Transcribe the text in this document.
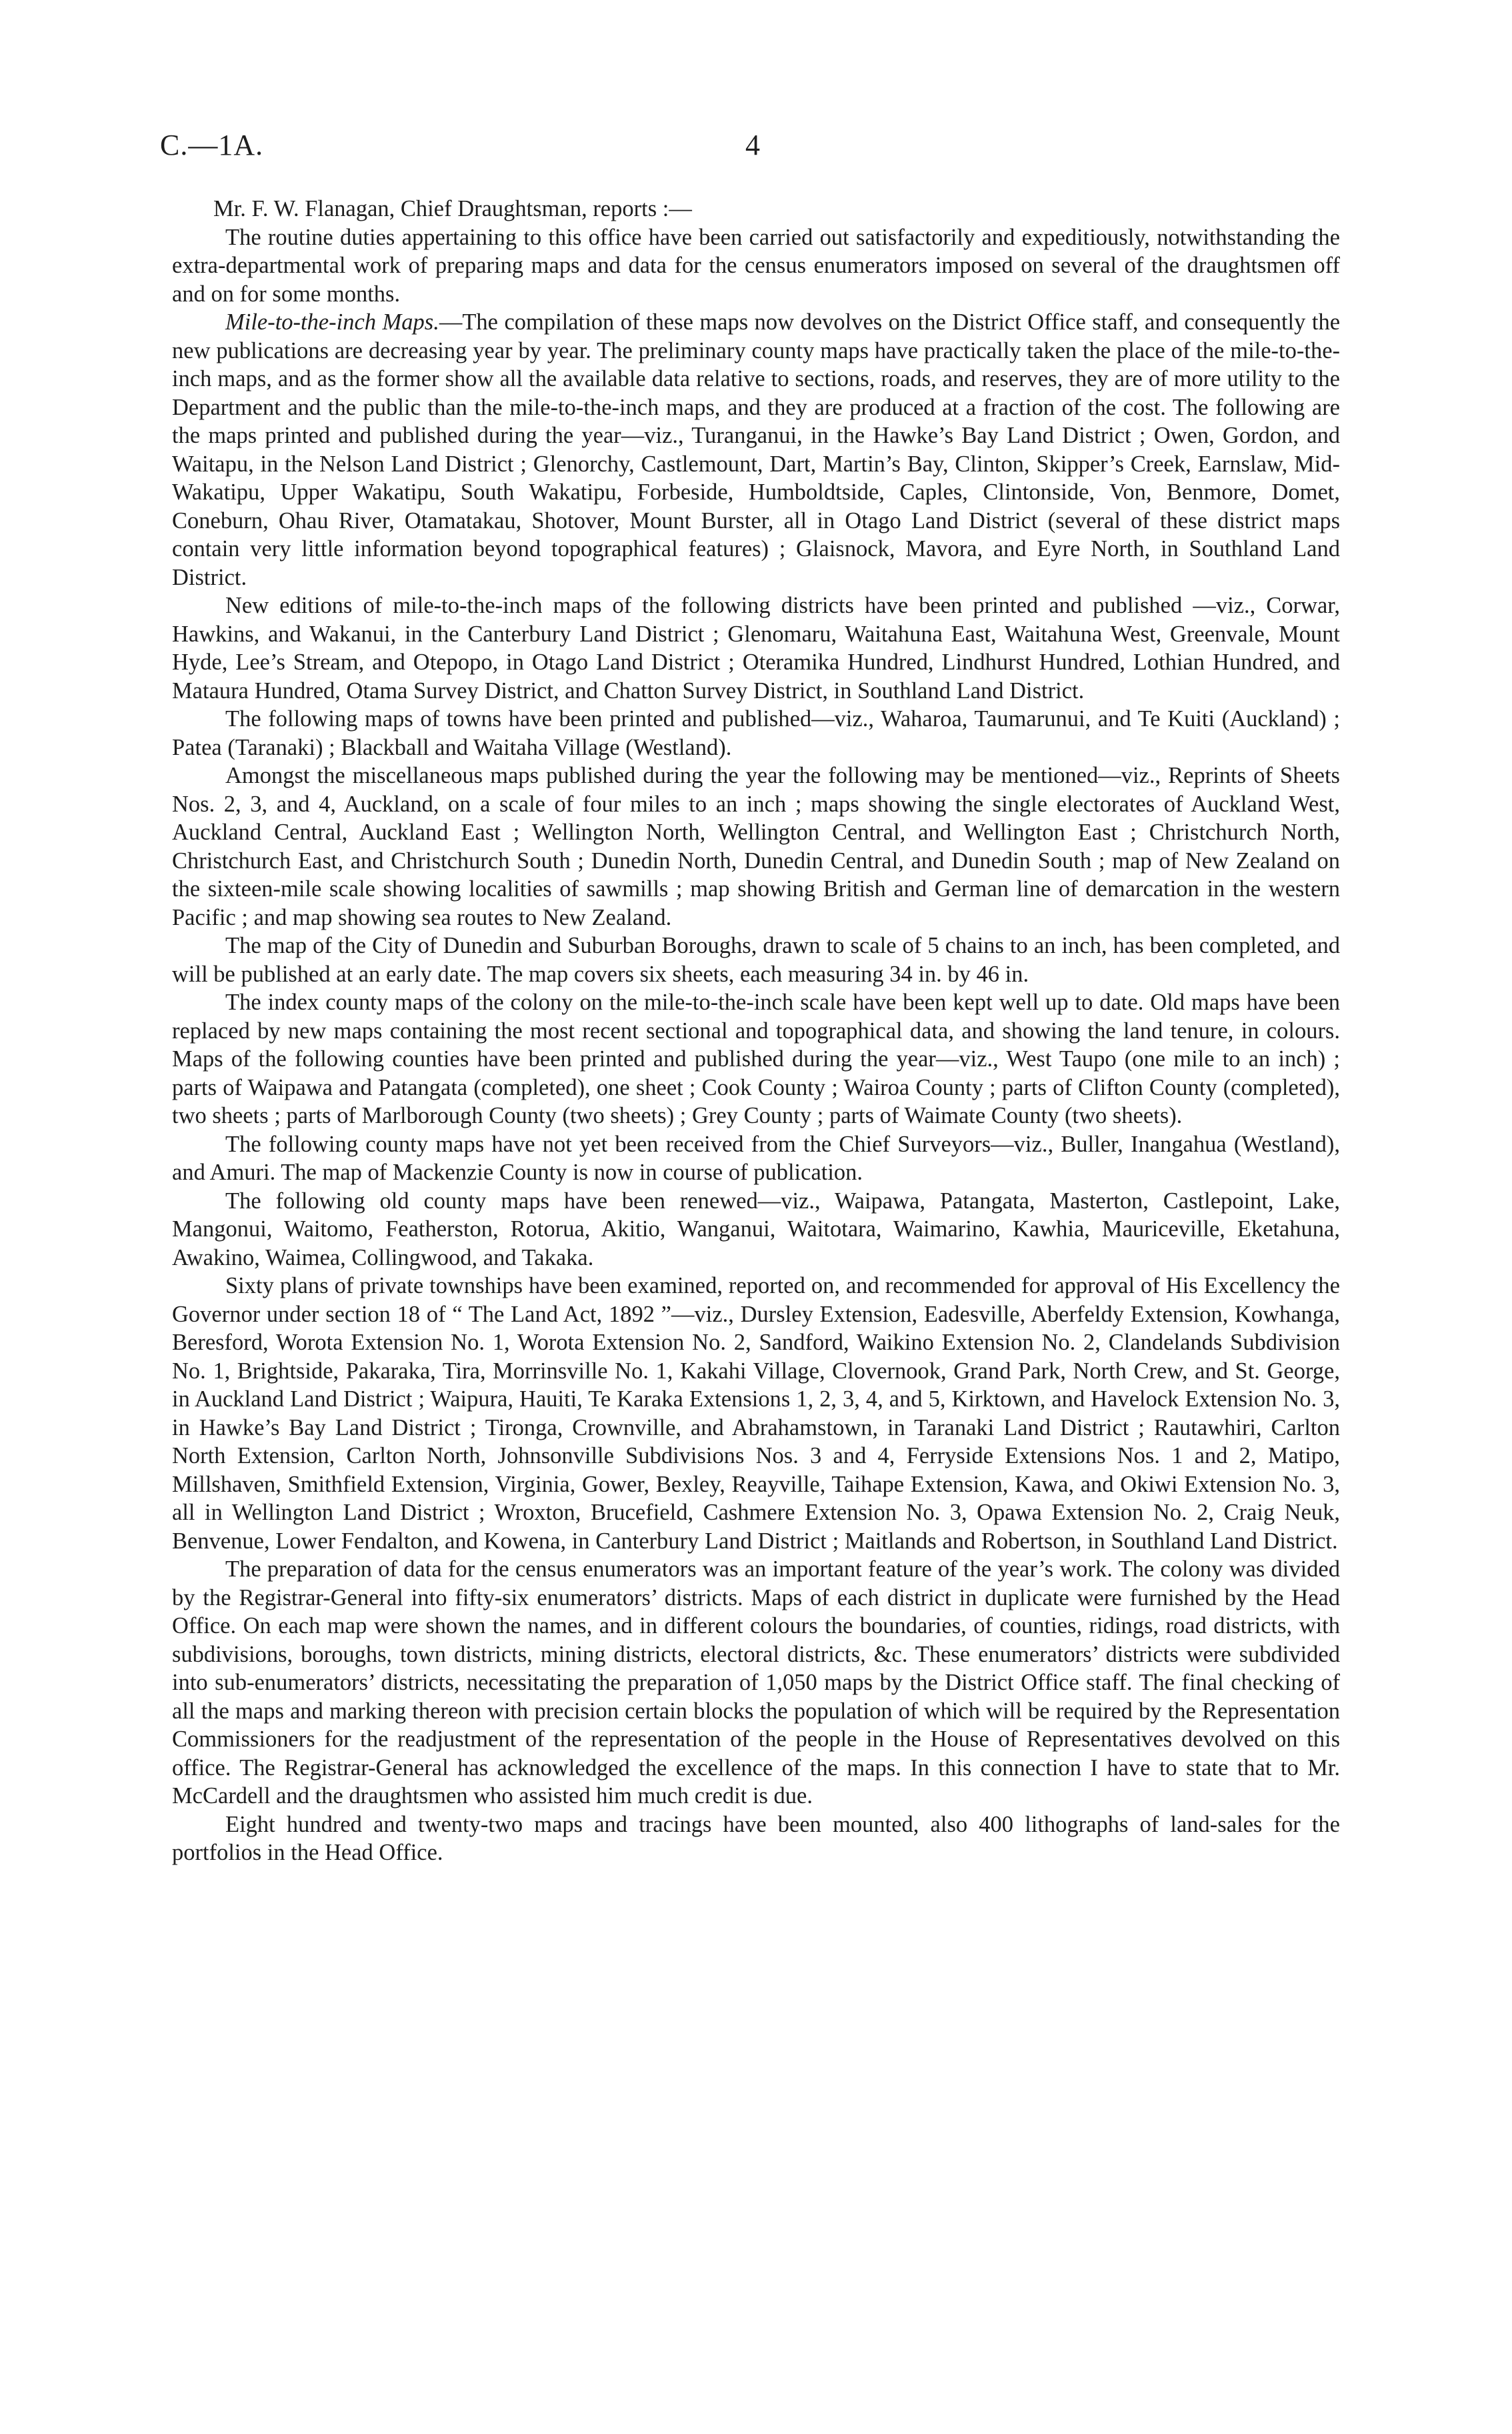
C.—1A.	4

Mr. F. W. Flanagan, Chief Draughtsman, reports :—

The routine duties appertaining to this office have been carried out satisfactorily and expeditiously, notwithstanding the extra-departmental work of preparing maps and data for the census enumerators imposed on several of the draughtsmen off and on for some months.

Mile-to-the-inch Maps.—The compilation of these maps now devolves on the District Office staff, and consequently the new publications are decreasing year by year. The preliminary county maps have practically taken the place of the mile-to-the-inch maps, and as the former show all the available data relative to sections, roads, and reserves, they are of more utility to the Department and the public than the mile-to-the-inch maps, and they are produced at a fraction of the cost. The following are the maps printed and published during the year—viz., Turanganui, in the Hawke’s Bay Land District ; Owen, Gordon, and Waitapu, in the Nelson Land District ; Glenorchy, Castlemount, Dart, Martin’s Bay, Clinton, Skipper’s Creek, Earnslaw, Mid-Wakatipu, Upper Wakatipu, South Wakatipu, Forbeside, Humboldtside, Caples, Clintonside, Von, Benmore, Domet, Coneburn, Ohau River, Otamatakau, Shotover, Mount Burster, all in Otago Land District (several of these district maps contain very little information beyond topographical features) ; Glaisnock, Mavora, and Eyre North, in Southland Land District.

New editions of mile-to-the-inch maps of the following districts have been printed and published —viz., Corwar, Hawkins, and Wakanui, in the Canterbury Land District ; Glenomaru, Waitahuna East, Waitahuna West, Greenvale, Mount Hyde, Lee’s Stream, and Otepopo, in Otago Land District ; Oteramika Hundred, Lindhurst Hundred, Lothian Hundred, and Mataura Hundred, Otama Survey District, and Chatton Survey District, in Southland Land District.

The following maps of towns have been printed and published—viz., Waharoa, Taumarunui, and Te Kuiti (Auckland) ; Patea (Taranaki) ; Blackball and Waitaha Village (Westland).

Amongst the miscellaneous maps published during the year the following may be mentioned—viz., Reprints of Sheets Nos. 2, 3, and 4, Auckland, on a scale of four miles to an inch ; maps showing the single electorates of Auckland West, Auckland Central, Auckland East ; Wellington North, Wellington Central, and Wellington East ; Christchurch North, Christchurch East, and Christchurch South ; Dunedin North, Dunedin Central, and Dunedin South ; map of New Zealand on the sixteen-mile scale showing localities of sawmills ; map showing British and German line of demarcation in the western Pacific ; and map showing sea routes to New Zealand.

The map of the City of Dunedin and Suburban Boroughs, drawn to scale of 5 chains to an inch, has been completed, and will be published at an early date. The map covers six sheets, each measuring 34 in. by 46 in.

The index county maps of the colony on the mile-to-the-inch scale have been kept well up to date. Old maps have been replaced by new maps containing the most recent sectional and topographical data, and showing the land tenure, in colours. Maps of the following counties have been printed and published during the year—viz., West Taupo (one mile to an inch) ; parts of Waipawa and Patangata (completed), one sheet ; Cook County ; Wairoa County ; parts of Clifton County (completed), two sheets ; parts of Marlborough County (two sheets) ; Grey County ; parts of Waimate County (two sheets).

The following county maps have not yet been received from the Chief Surveyors—viz., Buller, Inangahua (Westland), and Amuri. The map of Mackenzie County is now in course of publication.

The following old county maps have been renewed—viz., Waipawa, Patangata, Masterton, Castlepoint, Lake, Mangonui, Waitomo, Featherston, Rotorua, Akitio, Wanganui, Waitotara, Waimarino, Kawhia, Mauriceville, Eketahuna, Awakino, Waimea, Collingwood, and Takaka.

Sixty plans of private townships have been examined, reported on, and recommended for approval of His Excellency the Governor under section 18 of “ The Land Act, 1892 ”—viz., Dursley Extension, Eadesville, Aberfeldy Extension, Kowhanga, Beresford, Worota Extension No. 1, Worota Extension No. 2, Sandford, Waikino Extension No. 2, Clandelands Subdivision No. 1, Brightside, Pakaraka, Tira, Morrinsville No. 1, Kakahi Village, Clovernook, Grand Park, North Crew, and St. George, in Auckland Land District ; Waipura, Hauiti, Te Karaka Extensions 1, 2, 3, 4, and 5, Kirktown, and Havelock Extension No. 3, in Hawke’s Bay Land District ; Tironga, Crownville, and Abrahamstown, in Taranaki Land District ; Rautawhiri, Carlton North Extension, Carlton North, Johnsonville Subdivisions Nos. 3 and 4, Ferryside Extensions Nos. 1 and 2, Matipo, Millshaven, Smithfield Extension, Virginia, Gower, Bexley, Reayville, Taihape Extension, Kawa, and Okiwi Extension No. 3, all in Wellington Land District ; Wroxton, Brucefield, Cashmere Extension No. 3, Opawa Extension No. 2, Craig Neuk, Benvenue, Lower Fendalton, and Kowena, in Canterbury Land District ; Maitlands and Robertson, in Southland Land District.

The preparation of data for the census enumerators was an important feature of the year’s work. The colony was divided by the Registrar-General into fifty-six enumerators’ districts. Maps of each district in duplicate were furnished by the Head Office. On each map were shown the names, and in different colours the boundaries, of counties, ridings, road districts, with subdivisions, boroughs, town districts, mining districts, electoral districts, &c. These enumerators’ districts were subdivided into sub-enumerators’ districts, necessitating the preparation of 1,050 maps by the District Office staff. The final checking of all the maps and marking thereon with precision certain blocks the population of which will be required by the Representation Commissioners for the readjustment of the representation of the people in the House of Representatives devolved on this office. The Registrar-General has acknowledged the excellence of the maps. In this connection I have to state that to Mr. McCardell and the draughtsmen who assisted him much credit is due.

Eight hundred and twenty-two maps and tracings have been mounted, also 400 lithographs of land-sales for the portfolios in the Head Office.
